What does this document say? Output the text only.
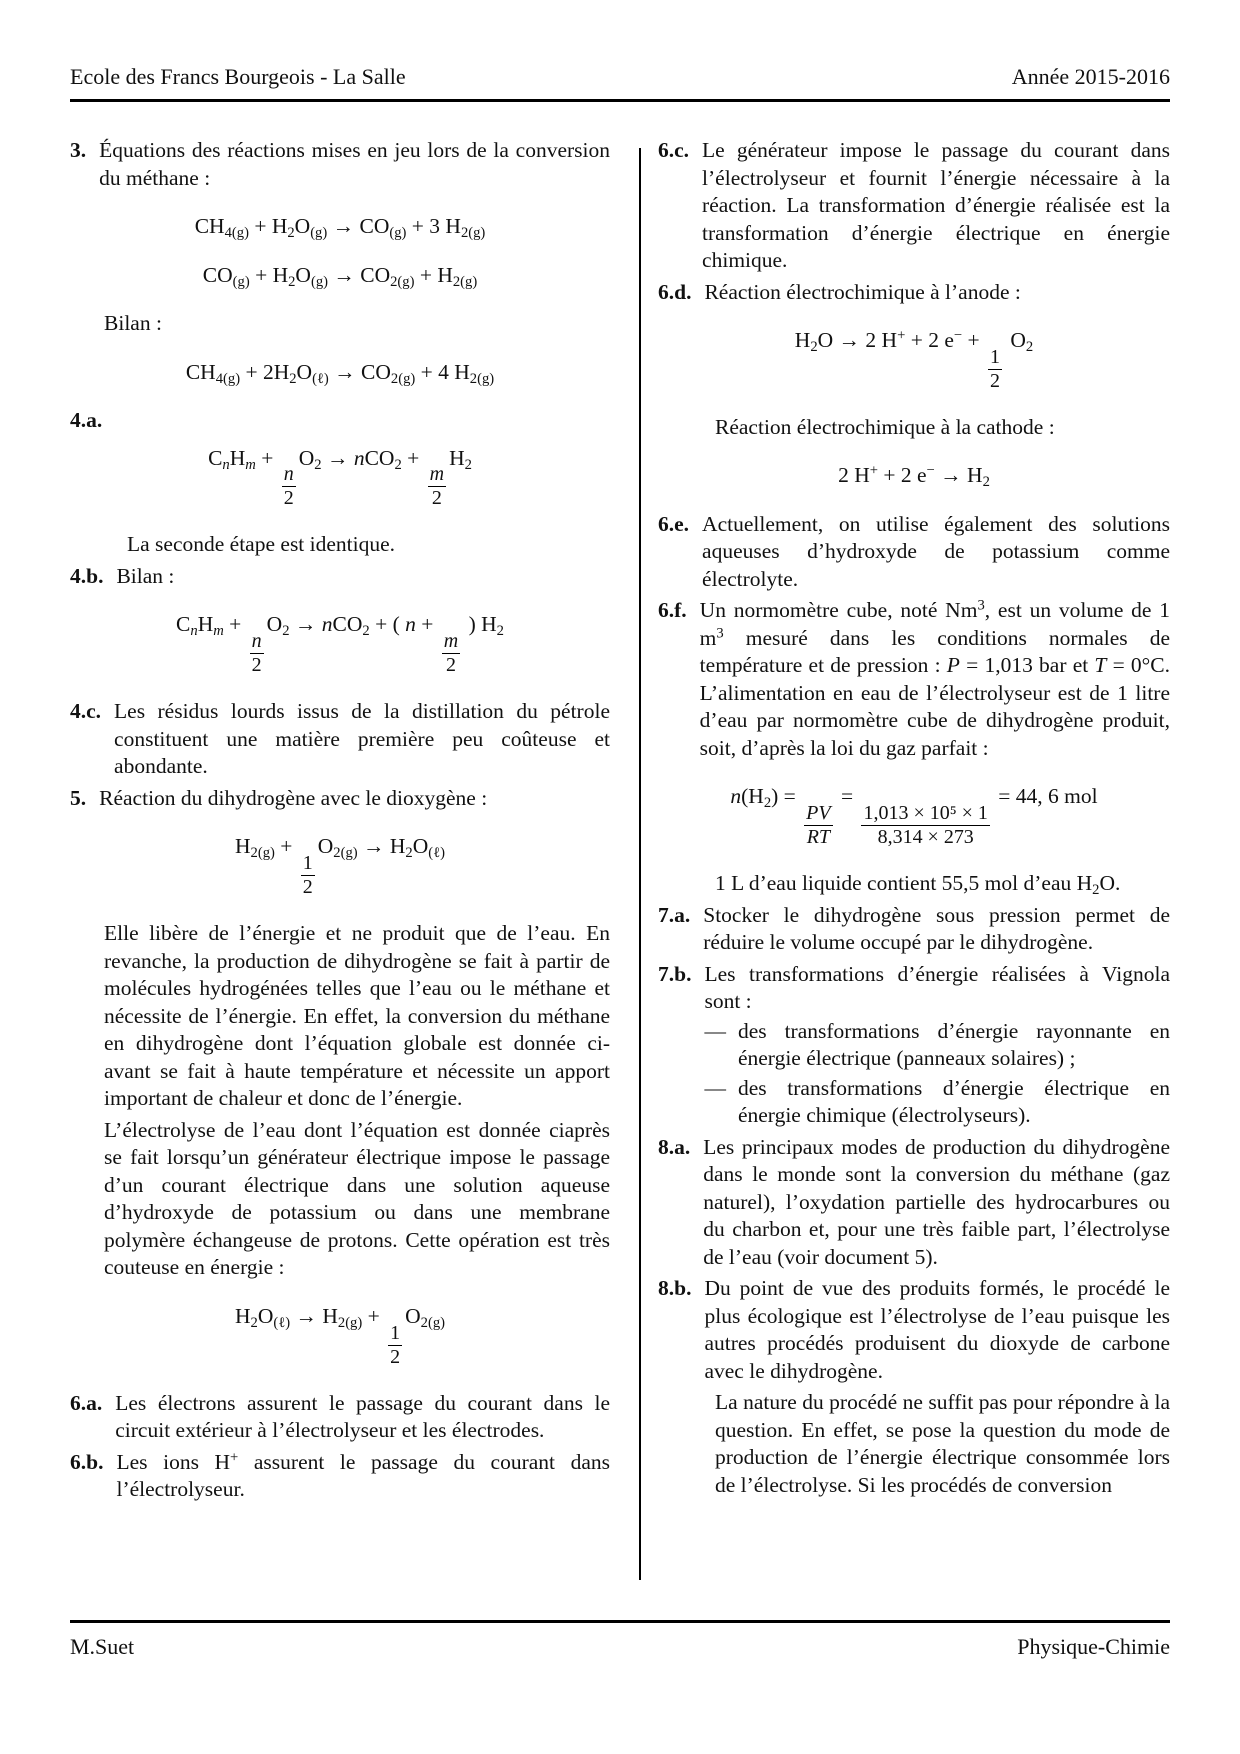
Ecole des Francs Bourgeois - La Salle	Année 2015-2016
3. Équations des réactions mises en jeu lors de la conversion du méthane :
$CH_{4(g)} + H_2O_{(g)} \to CO_{(g)} + 3$ $H_{2(g)}$
$CO_{(g)} + H_2O_{(g)} \to CO_{2(g)} + H_{2(g)}$
Bilan :
$CH_{4(g)} + 2H_2O_{(\ell)} \to CO_{2(g)} + 4$ $H_{2(g)}$
4.a.
$C_nH_m$ +
$\frac{n}{2}$
$O_2 \to nCO_2$ +
$\frac{m}{2}$
$H_2$
La seconde étape est identique.
4.b. Bilan :
$C_nH_m$ +
$\frac{n}{2}$
$O_2 \to nCO_2$ + ( n +
$\frac{m}{2}$
) $H_2$
4.c. Les résidus lourds issus de la distillation du pétrole constituent une matière première peu coûteuse et abondante.
5. Réaction du dihydrogène avec le dioxygène :
$H_{2(g)}$ +
$\frac{1}{2}$
$O_{2(g)} \to H_2O_{(\ell)}$
Elle libère de l’énergie et ne produit que de l’eau. En revanche, la production de dihydrogène se fait à partir de molécules hydrogénées telles que l’eau ou le méthane et nécessite de l’énergie. En effet, la conversion du méthane en dihydrogène dont l’équation globale est donnée ci-avant se fait à haute température et nécessite un apport important de chaleur et donc de l’énergie.
L’électrolyse de l’eau dont l’équation est donnée ciaprès se fait lorsqu’un générateur électrique impose le passage d’un courant électrique dans une solution aqueuse d’hydroxyde de potassium ou dans une membrane polymère échangeuse de protons. Cette opération est très couteuse en énergie :
$H_2O_{(\ell)} \to H_{2(g)}$ +
$\frac{1}{2}$
$O_{2(g)}$
6.a. Les électrons assurent le passage du courant dans le circuit extérieur à l’électrolyseur et les électrodes.
6.b. Les ions H+ assurent le passage du courant dans l’électrolyseur.
6.c. Le générateur impose le passage du courant dans l’électrolyseur et fournit l’énergie nécessaire à la réaction. La transformation d’énergie réalisée est la transformation d’énergie électrique en énergie chimique.
6.d. Réaction électrochimique à l’anode :
$H_2O \to 2$ H+ + 2 e− +
$\frac{1}{2}$
$O_2$
Réaction électrochimique à la cathode :
2 H+ + 2 $e^- \to H_2$
6.e. Actuellement, on utilise également des solutions aqueuses d’hydroxyde de potassium comme électrolyte.
6.f. Un normomètre cube, noté Nm$^3$, est un volume de 1 $m^3$ mesuré dans les conditions normales de température et de pression : P = 1,013 bar et T = 0°C. L’alimentation en eau de l’électrolyseur est de 1 litre d’eau par normomètre cube de dihydrogène produit, soit, d’après la loi du gaz parfait :
$n(H_2)$ =
$\frac{PV}{RT}$
=
$\frac{\text{1,013 × 10⁵ × 1}}{8,314 \times 273}$
= 44, 6 mol
1 L d’eau liquide contient 55,5 mol d’eau $H_2O$.
7.a. Stocker le dihydrogène sous pression permet de réduire le volume occupé par le dihydrogène.
7.b. Les transformations d’énergie réalisées à Vignola sont :
— des transformations d’énergie rayonnante en énergie électrique (panneaux solaires) ;
— des transformations d’énergie électrique en énergie chimique (électrolyseurs).
8.a. Les principaux modes de production du dihydrogène dans le monde sont la conversion du méthane (gaz naturel), l’oxydation partielle des hydrocarbures ou du charbon et, pour une très faible part, l’électrolyse de l’eau (voir document 5).
8.b. Du point de vue des produits formés, le procédé le plus écologique est l’électrolyse de l’eau puisque les autres procédés produisent du dioxyde de carbone avec le dihydrogène.
La nature du procédé ne suffit pas pour répondre à la question. En effet, se pose la question du mode de production de l’énergie électrique consommée lors de l’électrolyse. Si les procédés de conversion
M.Suet	Physique-Chimie
